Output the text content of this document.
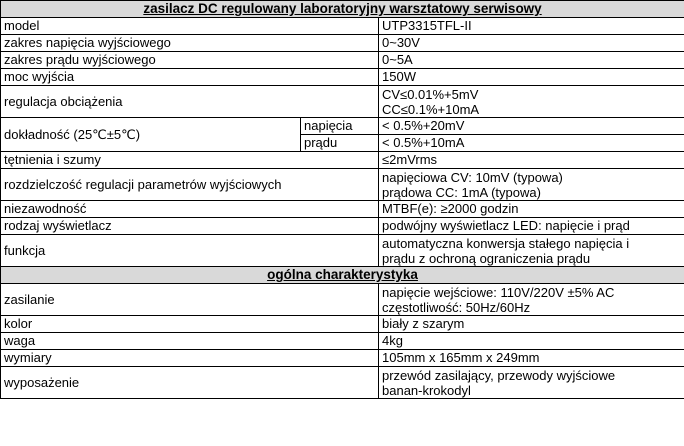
zasilacz DC regulowany laboratoryjny warsztatowy serwisowy		
model		UTP3315TFL-II
zakres napięcia wyjściowego		0~30V
zakres prądu wyjściowego		0~5A
moc wyjścia		150W
regulacja obciążenia		CV≤0.01%+5mV
CC≤0.1%+10mA

dokładność (25℃±5℃)	napięcia	< 0.5%+20mV
	prądu	< 0.5%+10mA
tętnienia i szumy		≤2mVrms
rozdzielczość regulacji parametrów wyjściowych		napięciowa CV: 10mV (typowa)
prądowa CC: 1mA (typowa)

niezawodność		MTBF(e): ≥2000 godzin
rodzaj wyświetlacz		podwójny wyświetlacz LED: napięcie i prąd
funkcja		automatyczna konwersja stałego napięcia i
prądu z ochroną ograniczenia prądu

ogólna charakterystyka		
zasilanie		napięcie wejściowe: 110V/220V ±5% AC
częstotliwość: 50Hz/60Hz

kolor		biały z szarym
waga		4kg
wymiary		105mm x 165mm x 249mm
wyposażenie		przewód zasilający, przewody wyjściowe
banan-krokodyl
